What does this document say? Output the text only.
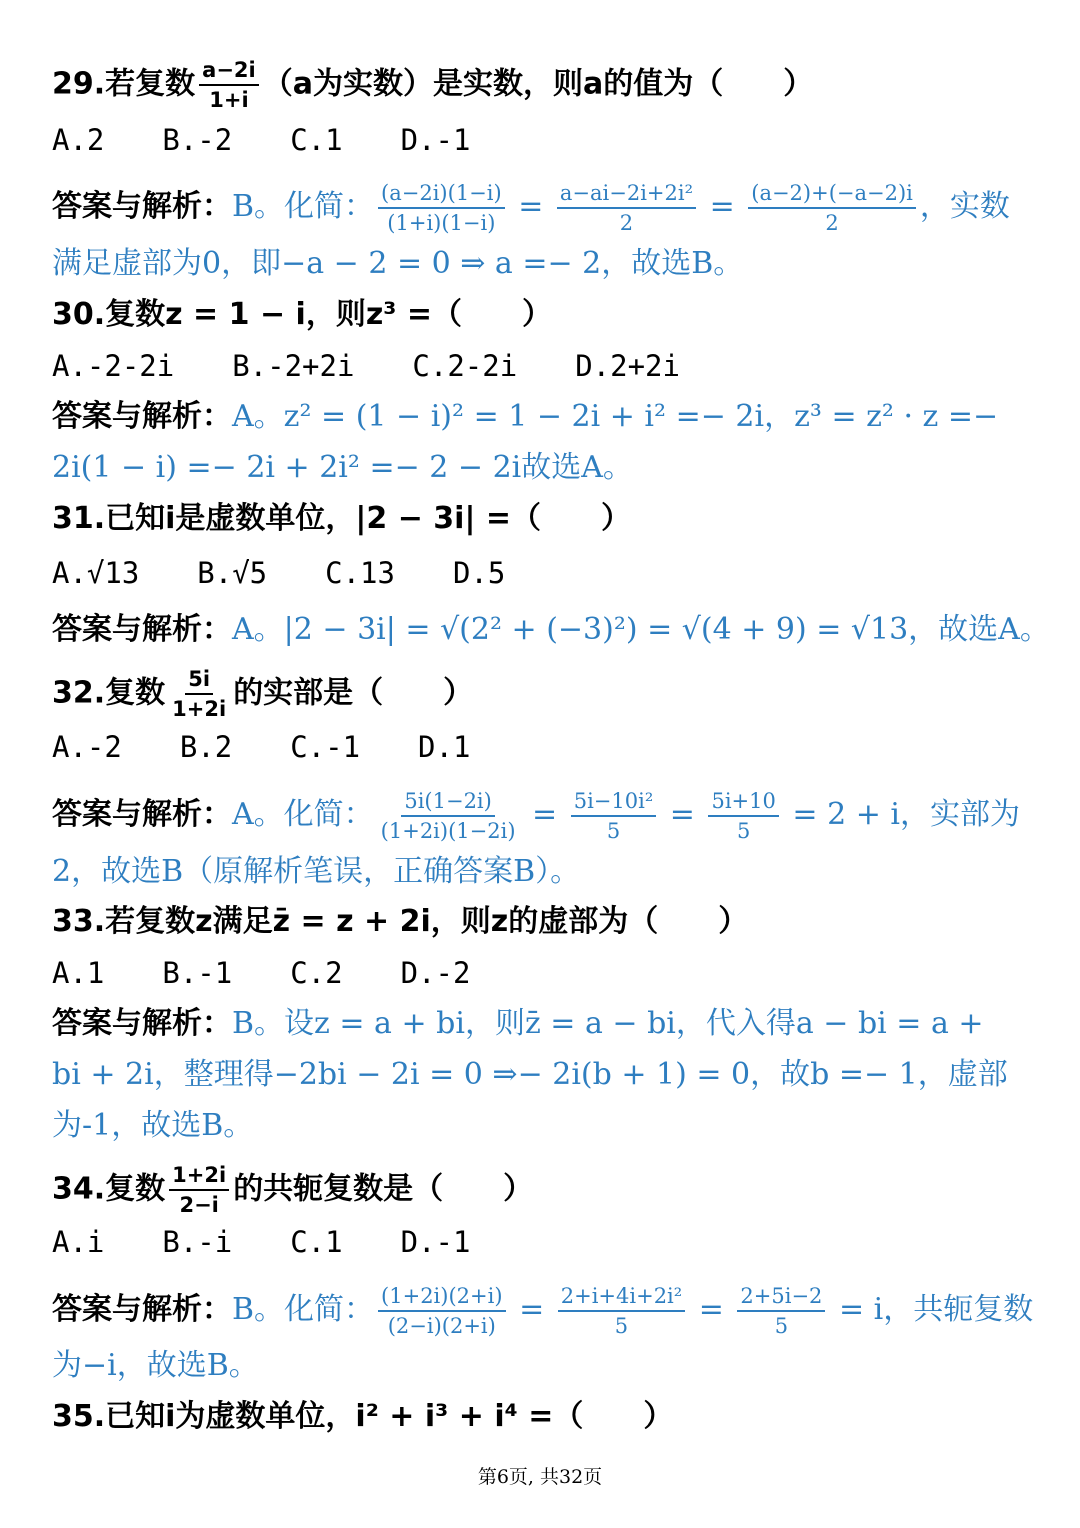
29.若复数 $\frac{a-2i}{1+i} (a$为实数）是实数，则a的值为（　　）
A.2　　B.-2　　C.1　　D.-1
答案与解析：B。化简： $\frac{(a-2i)(1-i)}{(1+i)(1-i)} = \frac{\text{a−ai−2i+2i²}}{2} = \frac{(a-2)+(-a-2)i}{2}$ ，实数
满足虚部为0，即−a − 2 = 0 ⇒ a =− 2，故选B。
30.复数z = 1 − i，则z³ =（　　）
A.-2-2i　　B.-2+2i　　C.2-2i　　D.2+2i
答案与解析：A。z² = (1 − i)² = 1 − 2i + i² =− 2i，z³ = z² · z =−
2i(1 − i) =− 2i + 2i² =− 2 − 2i故选A。
31.已知i是虚数单位，|2 − 3i| =（　　）
A.√13　　B.√5　　C.13　　D.5
答案与解析：A。|2 − 3i| = √(2² + (−3)²) = √(4 + 9) = √13，故选A。
32.复数 $\frac{5i}{1+2i}$ 的实部是（　　）
A.-2　　B.2　　C.-1　　D.1
答案与解析：A。化简： $\frac{5i(1-2i)}{(1+2i)(1-2i)} = \frac{\text{5i−10i²}}{5} = \frac{5i+10}{5} = 2 + i$，实部为
2，故选B（原解析笔误，正确答案B）。
33.若复数z满足z̄ = z + 2i，则z的虚部为（　　）
A.1　　B.-1　　C.2　　D.-2
答案与解析：B。设z = a + bi，则z̄ = a − bi，代入得a − bi = a +
bi + 2i，整理得−2bi − 2i = 0 ⇒− 2i(b + 1) = 0，故b =− 1，虚部
为-1，故选B。
34.复数 $\frac{1+2i}{2-i}$ 的共轭复数是（　　）
A.i　　B.-i　　C.1　　D.-1
答案与解析：B。化简： $\frac{(1+2i)(2+i)}{(2-i)(2+i)} = \frac{\text{2+i+4i+2i²}}{5} = \frac{2+5i-2}{5} = i$，共轭复数
为−i，故选B。
35.已知i为虚数单位，i² + i³ + i⁴ =（　　）
第6页, 共32页
